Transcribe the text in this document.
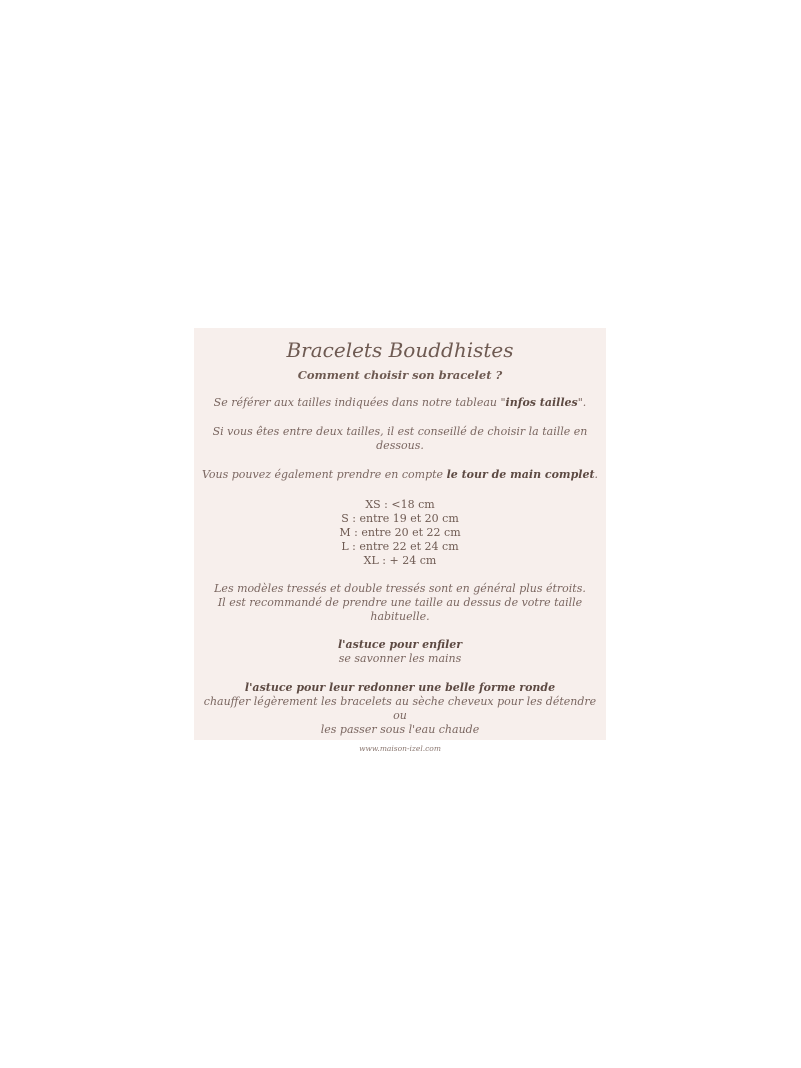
Bracelets Bouddhistes

Comment choisir son bracelet ?

Se référer aux tailles indiquées dans notre tableau "infos tailles".

Si vous êtes entre deux tailles, il est conseillé de choisir la taille en dessous.

Vous pouvez également prendre en compte le tour de main complet.

XS : <18 cm
S : entre 19 et 20 cm
M : entre 20 et 22 cm
L : entre 22 et 24 cm
XL : + 24 cm

Les modèles tressés et double tressés sont en général plus étroits.

Il est recommandé de prendre une taille au dessus de votre taille habituelle.

l'astuce pour enfiler

se savonner les mains

l'astuce pour leur redonner une belle forme ronde

chauffer légèrement les bracelets au sèche cheveux pour les détendre

ou

les passer sous l'eau chaude

www.maison-izel.com
